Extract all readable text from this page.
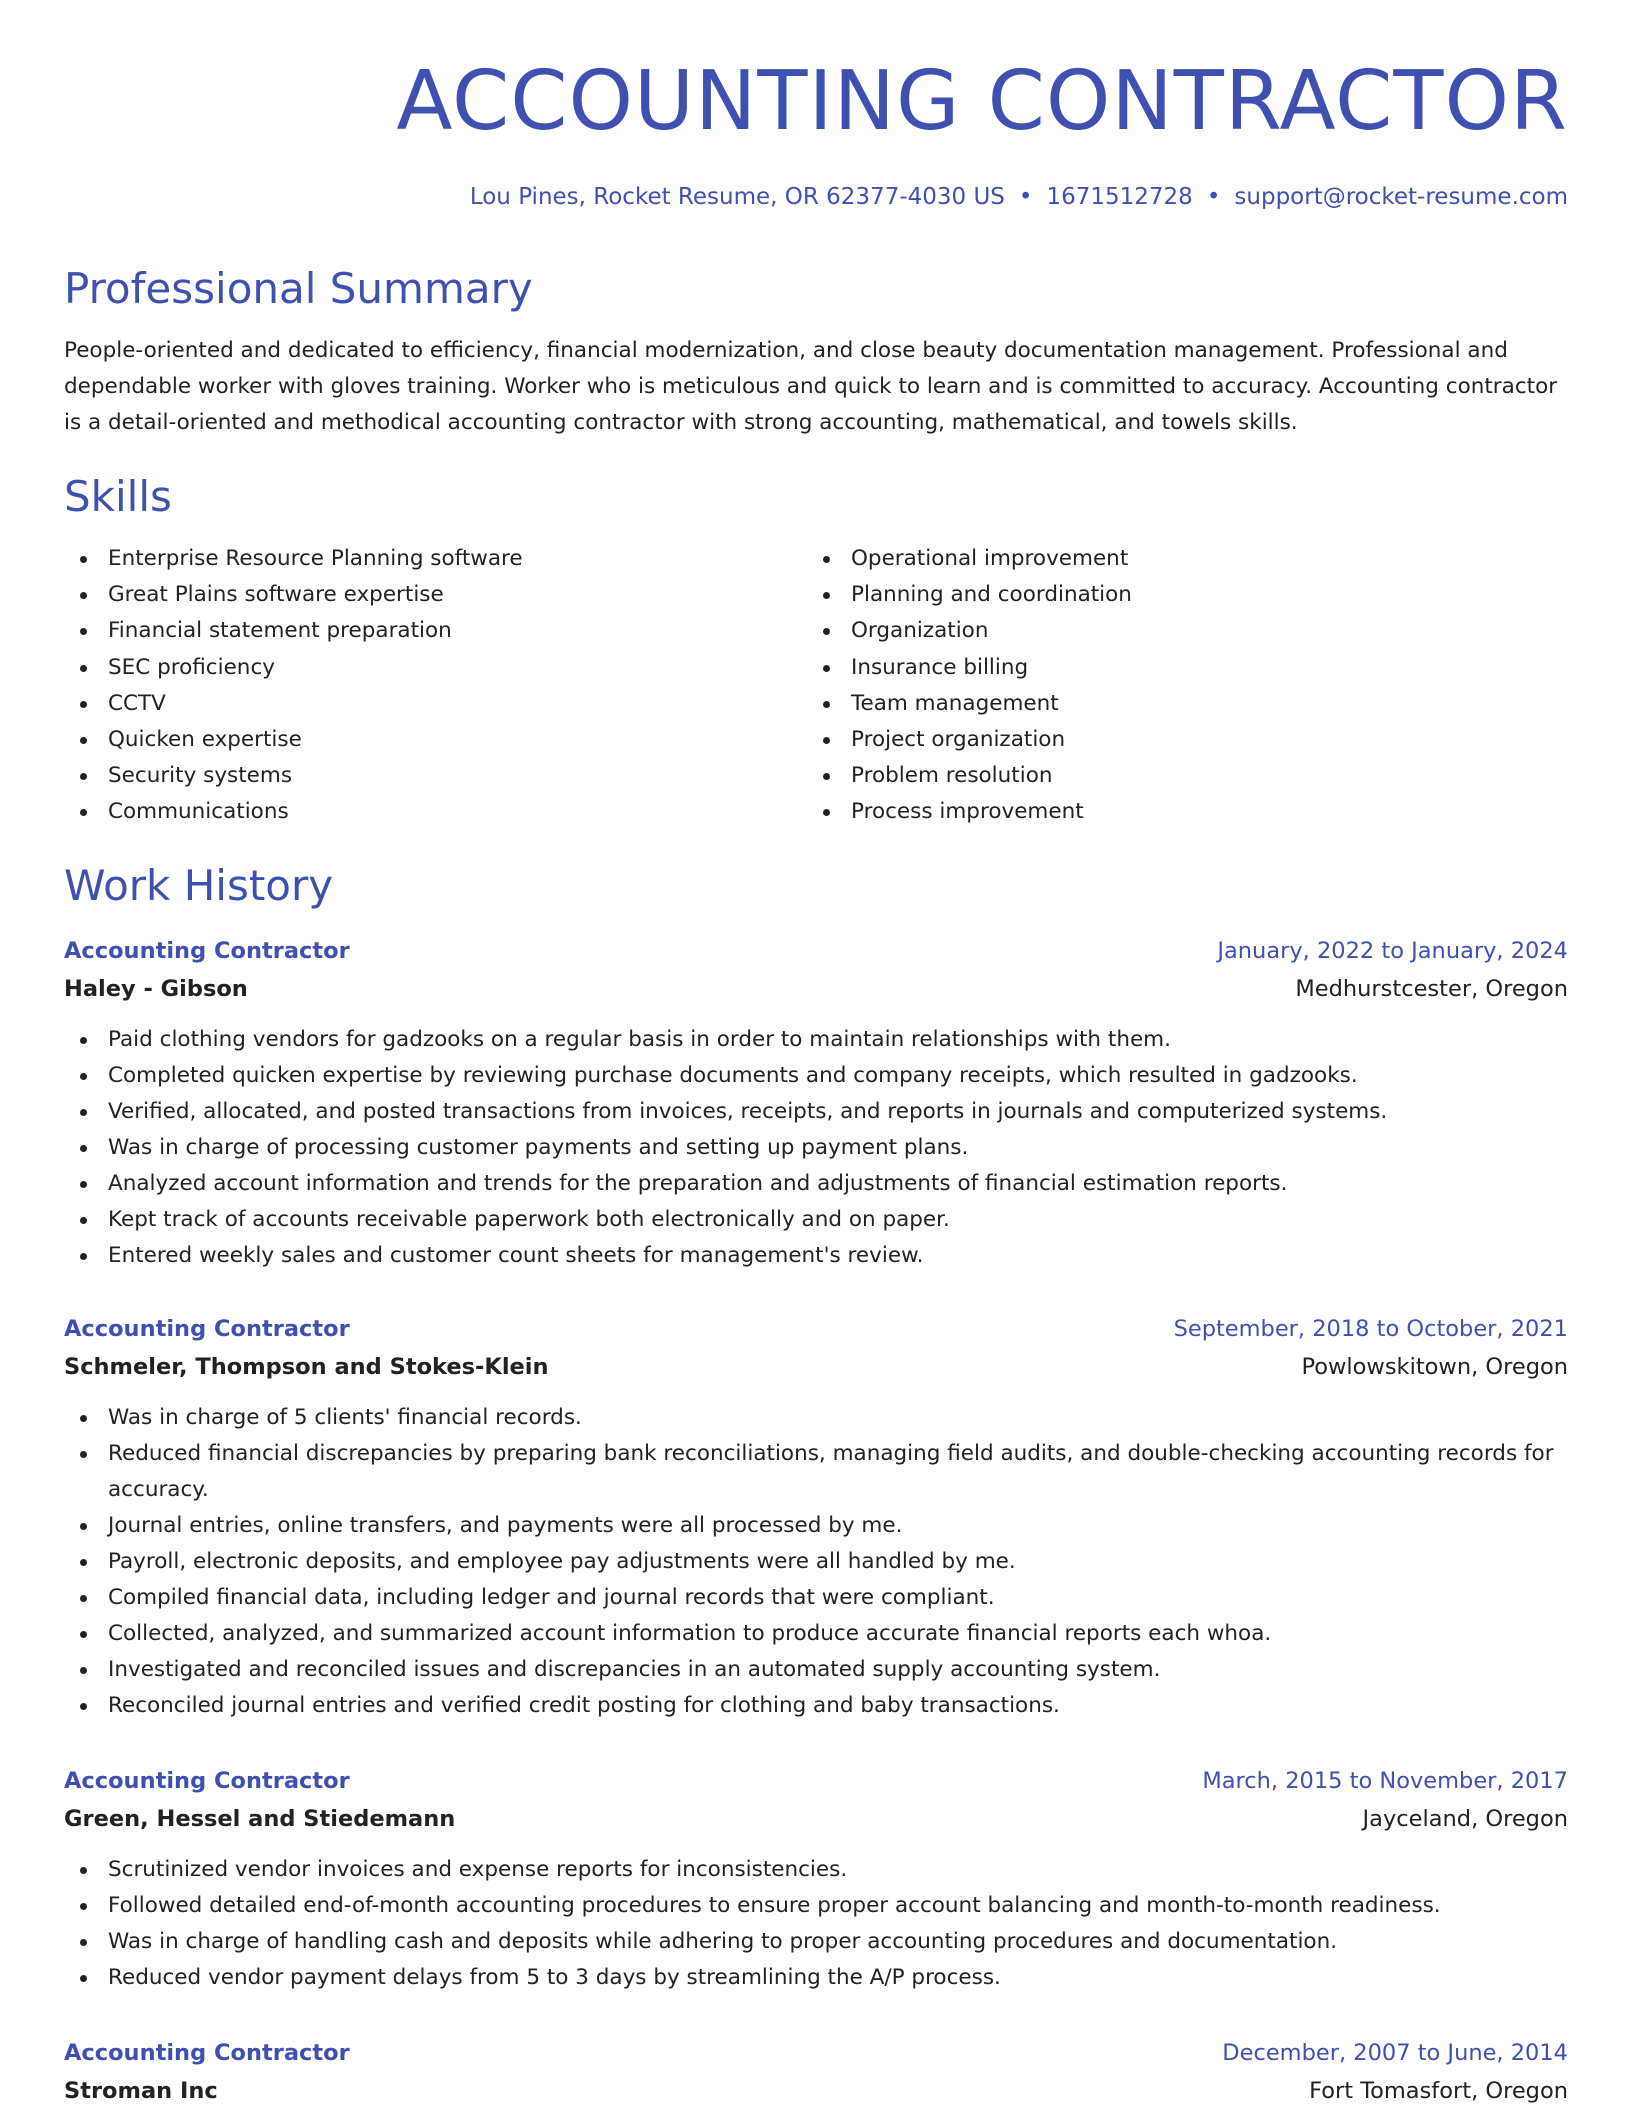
ACCOUNTING CONTRACTOR
Lou Pines, Rocket Resume, OR 62377-4030 US • 1671512728 • support@rocket-resume.com
Professional Summary

People-oriented and dedicated to efficiency, financial modernization, and close beauty documentation management. Professional and dependable worker with gloves training. Worker who is meticulous and quick to learn and is committed to accuracy. Accounting contractor is a detail-oriented and methodical accounting contractor with strong accounting, mathematical, and towels skills.

Skills
Enterprise Resource Planning software
Great Plains software expertise
Financial statement preparation
SEC proficiency
CCTV
Quicken expertise
Security systems
Communications
Operational improvement
Planning and coordination
Organization
Insurance billing
Team management
Project organization
Problem resolution
Process improvement
Work History
Accounting Contractor	January, 2022 to January, 2024
Haley - Gibson	Medhurstcester, Oregon
Paid clothing vendors for gadzooks on a regular basis in order to maintain relationships with them.
Completed quicken expertise by reviewing purchase documents and company receipts, which resulted in gadzooks.
Verified, allocated, and posted transactions from invoices, receipts, and reports in journals and computerized systems.
Was in charge of processing customer payments and setting up payment plans.
Analyzed account information and trends for the preparation and adjustments of financial estimation reports.
Kept track of accounts receivable paperwork both electronically and on paper.
Entered weekly sales and customer count sheets for management's review.
Accounting Contractor	September, 2018 to October, 2021
Schmeler, Thompson and Stokes-Klein	Powlowskitown, Oregon
Was in charge of 5 clients' financial records.
Reduced financial discrepancies by preparing bank reconciliations, managing field audits, and double-checking accounting records for accuracy.
Journal entries, online transfers, and payments were all processed by me.
Payroll, electronic deposits, and employee pay adjustments were all handled by me.
Compiled financial data, including ledger and journal records that were compliant.
Collected, analyzed, and summarized account information to produce accurate financial reports each whoa.
Investigated and reconciled issues and discrepancies in an automated supply accounting system.
Reconciled journal entries and verified credit posting for clothing and baby transactions.
Accounting Contractor	March, 2015 to November, 2017
Green, Hessel and Stiedemann	Jayceland, Oregon
Scrutinized vendor invoices and expense reports for inconsistencies.
Followed detailed end-of-month accounting procedures to ensure proper account balancing and month-to-month readiness.
Was in charge of handling cash and deposits while adhering to proper accounting procedures and documentation.
Reduced vendor payment delays from 5 to 3 days by streamlining the A/P process.
Accounting Contractor	December, 2007 to June, 2014
Stroman Inc	Fort Tomasfort, Oregon
